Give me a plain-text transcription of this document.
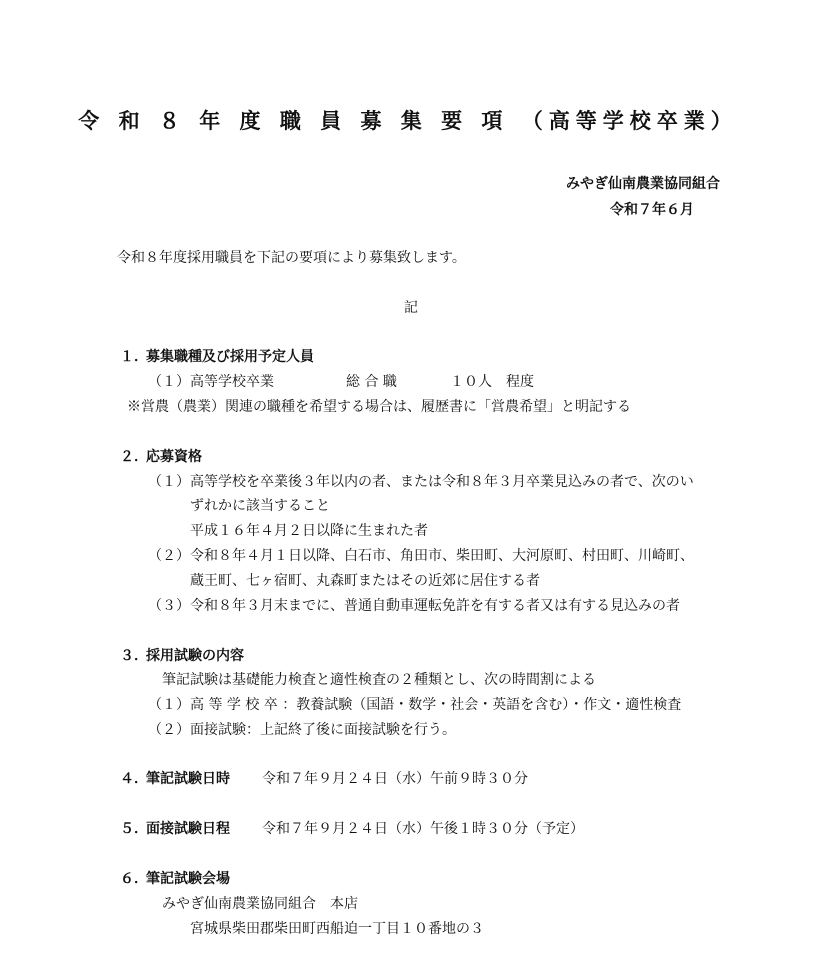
令 和 ８ 年 度 職 員 募 集 要 項 （高等学校卒業）
みやぎ仙南農業協同組合
令和７年６月
令和８年度採用職員を下記の要項により募集致します。
記
１．募集職種及び採用予定人員
（１）高等学校卒業	総 合 職	１０人　程度
※営農（農業）関連の職種を希望する場合は、履歴書に「営農希望」と明記する
２．応募資格
（１）高等学校を卒業後３年以内の者、または令和８年３月卒業見込みの者で、次のい
ずれかに該当すること
平成１６年４月２日以降に生まれた者
（２）令和８年４月１日以降、白石市、角田市、柴田町、大河原町、村田町、川崎町、
蔵王町、七ヶ宿町、丸森町またはその近郊に居住する者
（３）令和８年３月末までに、普通自動車運転免許を有する者又は有する見込みの者
３．採用試験の内容
筆記試験は基礎能力検査と適性検査の２種類とし、次の時間割による
（１）高 等 学 校 卒 ：教養試験（国語・数学・社会・英語を含む）・作文・適性検査
（２）面接試験：上記終了後に面接試験を行う。
４．筆記試験日時 令和７年９月２４日（水）午前９時３０分
５．面接試験日程 令和７年９月２４日（水）午後１時３０分（予定）
６．筆記試験会場
みやぎ仙南農業協同組合　本店
宮城県柴田郡柴田町西船迫一丁目１０番地の３
